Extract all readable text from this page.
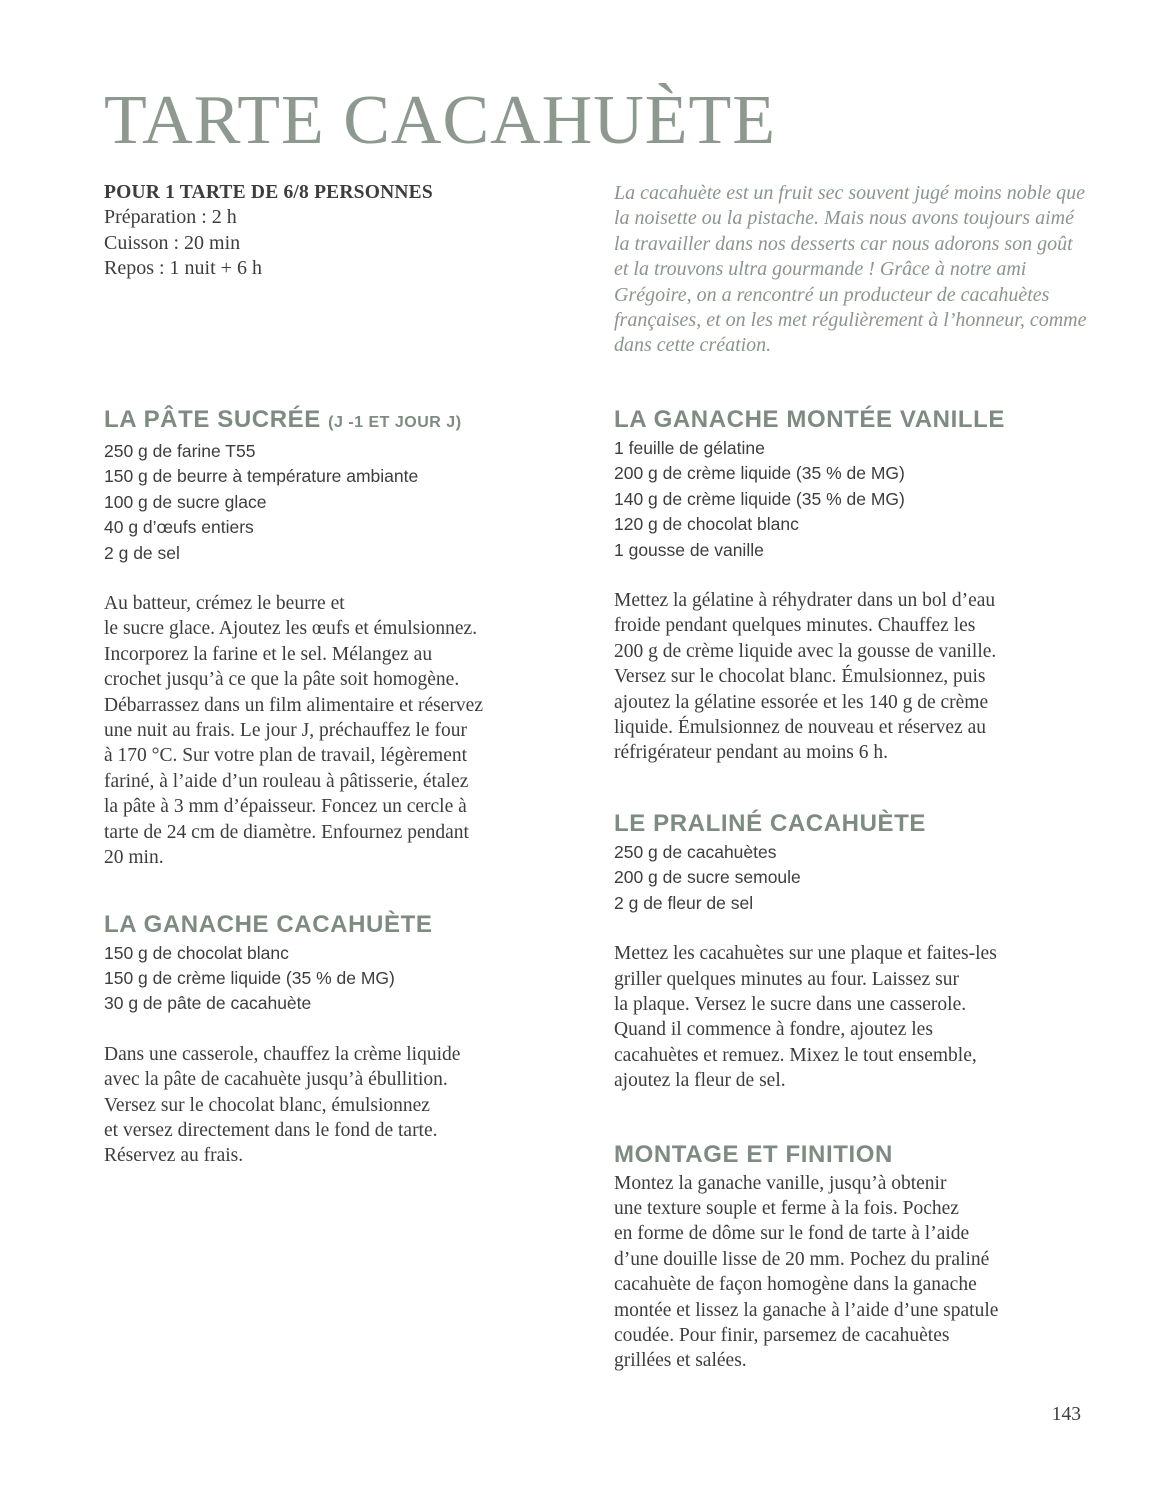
TARTE CACAHUÈTE
POUR 1 TARTE DE 6/8 PERSONNES
Préparation : 2 h
Cuisson : 20 min
Repos : 1 nuit + 6 h

La cacahuète est un fruit sec souvent jugé moins noble que la noisette ou la pistache. Mais nous avons toujours aimé la travailler dans nos desserts car nous adorons son goût et la trouvons ultra gourmande ! Grâce à notre ami Grégoire, on a rencontré un producteur de cacahuètes françaises, et on les met régulièrement à l’honneur, comme dans cette création.

LA PÂTE SUCRÉE (J -1 ET JOUR J)
250 g de farine T55
150 g de beurre à température ambiante
100 g de sucre glace
40 g d’œufs entiers
2 g de sel

Au batteur, crémez le beurre et
le sucre glace. Ajoutez les œufs et émulsionnez.
Incorporez la farine et le sel. Mélangez au
crochet jusqu’à ce que la pâte soit homogène.
Débarrassez dans un film alimentaire et réservez
une nuit au frais. Le jour J, préchauffez le four
à 170 °C. Sur votre plan de travail, légèrement
fariné, à l’aide d’un rouleau à pâtisserie, étalez
la pâte à 3 mm d’épaisseur. Foncez un cercle à
tarte de 24 cm de diamètre. Enfournez pendant
20 min.

LA GANACHE CACAHUÈTE
150 g de chocolat blanc
150 g de crème liquide (35 % de MG)
30 g de pâte de cacahuète

Dans une casserole, chauffez la crème liquide
avec la pâte de cacahuète jusqu’à ébullition.
Versez sur le chocolat blanc, émulsionnez
et versez directement dans le fond de tarte.
Réservez au frais.

LA GANACHE MONTÉE VANILLE
1 feuille de gélatine
200 g de crème liquide (35 % de MG)
140 g de crème liquide (35 % de MG)
120 g de chocolat blanc
1 gousse de vanille

Mettez la gélatine à réhydrater dans un bol d’eau
froide pendant quelques minutes. Chauffez les
200 g de crème liquide avec la gousse de vanille.
Versez sur le chocolat blanc. Émulsionnez, puis
ajoutez la gélatine essorée et les 140 g de crème
liquide. Émulsionnez de nouveau et réservez au
réfrigérateur pendant au moins 6 h.

LE PRALINÉ CACAHUÈTE
250 g de cacahuètes
200 g de sucre semoule
2 g de fleur de sel

Mettez les cacahuètes sur une plaque et faites-les
griller quelques minutes au four. Laissez sur
la plaque. Versez le sucre dans une casserole.
Quand il commence à fondre, ajoutez les
cacahuètes et remuez. Mixez le tout ensemble,
ajoutez la fleur de sel.

MONTAGE ET FINITION

Montez la ganache vanille, jusqu’à obtenir
une texture souple et ferme à la fois. Pochez
en forme de dôme sur le fond de tarte à l’aide
d’une douille lisse de 20 mm. Pochez du praliné
cacahuète de façon homogène dans la ganache
montée et lissez la ganache à l’aide d’une spatule
coudée. Pour finir, parsemez de cacahuètes
grillées et salées.

143
